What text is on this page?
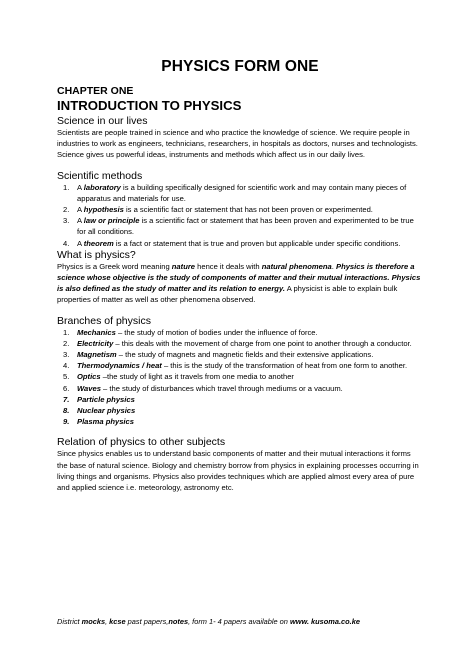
PHYSICS FORM ONE
CHAPTER ONE
INTRODUCTION TO PHYSICS
Science in our lives

Scientists are people trained in science and who practice the knowledge of science. We require people in industries to work as engineers, technicians, researchers, in hospitals as doctors, nurses and technologists. Science gives us powerful ideas, instruments and methods which affect us in our daily lives.

Scientific methods
1. A laboratory is a building specifically designed for scientific work and may contain many pieces of apparatus and materials for use.
2. A hypothesis is a scientific fact or statement that has not been proven or experimented.
3. A law or principle is a scientific fact or statement that has been proven and experimented to be true for all conditions.
4. A theorem is a fact or statement that is true and proven but applicable under specific conditions.
What is physics?

Physics is a Greek word meaning nature hence it deals with natural phenomena. Physics is therefore a science whose objective is the study of components of matter and their mutual interactions. Physics is also defined as the study of matter and its relation to energy. A physicist is able to explain bulk properties of matter as well as other phenomena observed.

Branches of physics
1. Mechanics – the study of motion of bodies under the influence of force.
2. Electricity – this deals with the movement of charge from one point to another through a conductor.
3. Magnetism – the study of magnets and magnetic fields and their extensive applications.
4. Thermodynamics / heat – this is the study of the transformation of heat from one form to another.
5. Optics –the study of light as it travels from one media to another
6. Waves – the study of disturbances which travel through mediums or a vacuum.
7. Particle physics
8. Nuclear physics
9. Plasma physics
Relation of physics to other subjects

Since physics enables us to understand basic components of matter and their mutual interactions it forms the base of natural science. Biology and chemistry borrow from physics in explaining processes occurring in living things and organisms. Physics also provides techniques which are applied almost every area of pure and applied science i.e. meteorology, astronomy etc.

District mocks, kcse past papers,notes, form 1- 4 papers available on www. kusoma.co.ke
